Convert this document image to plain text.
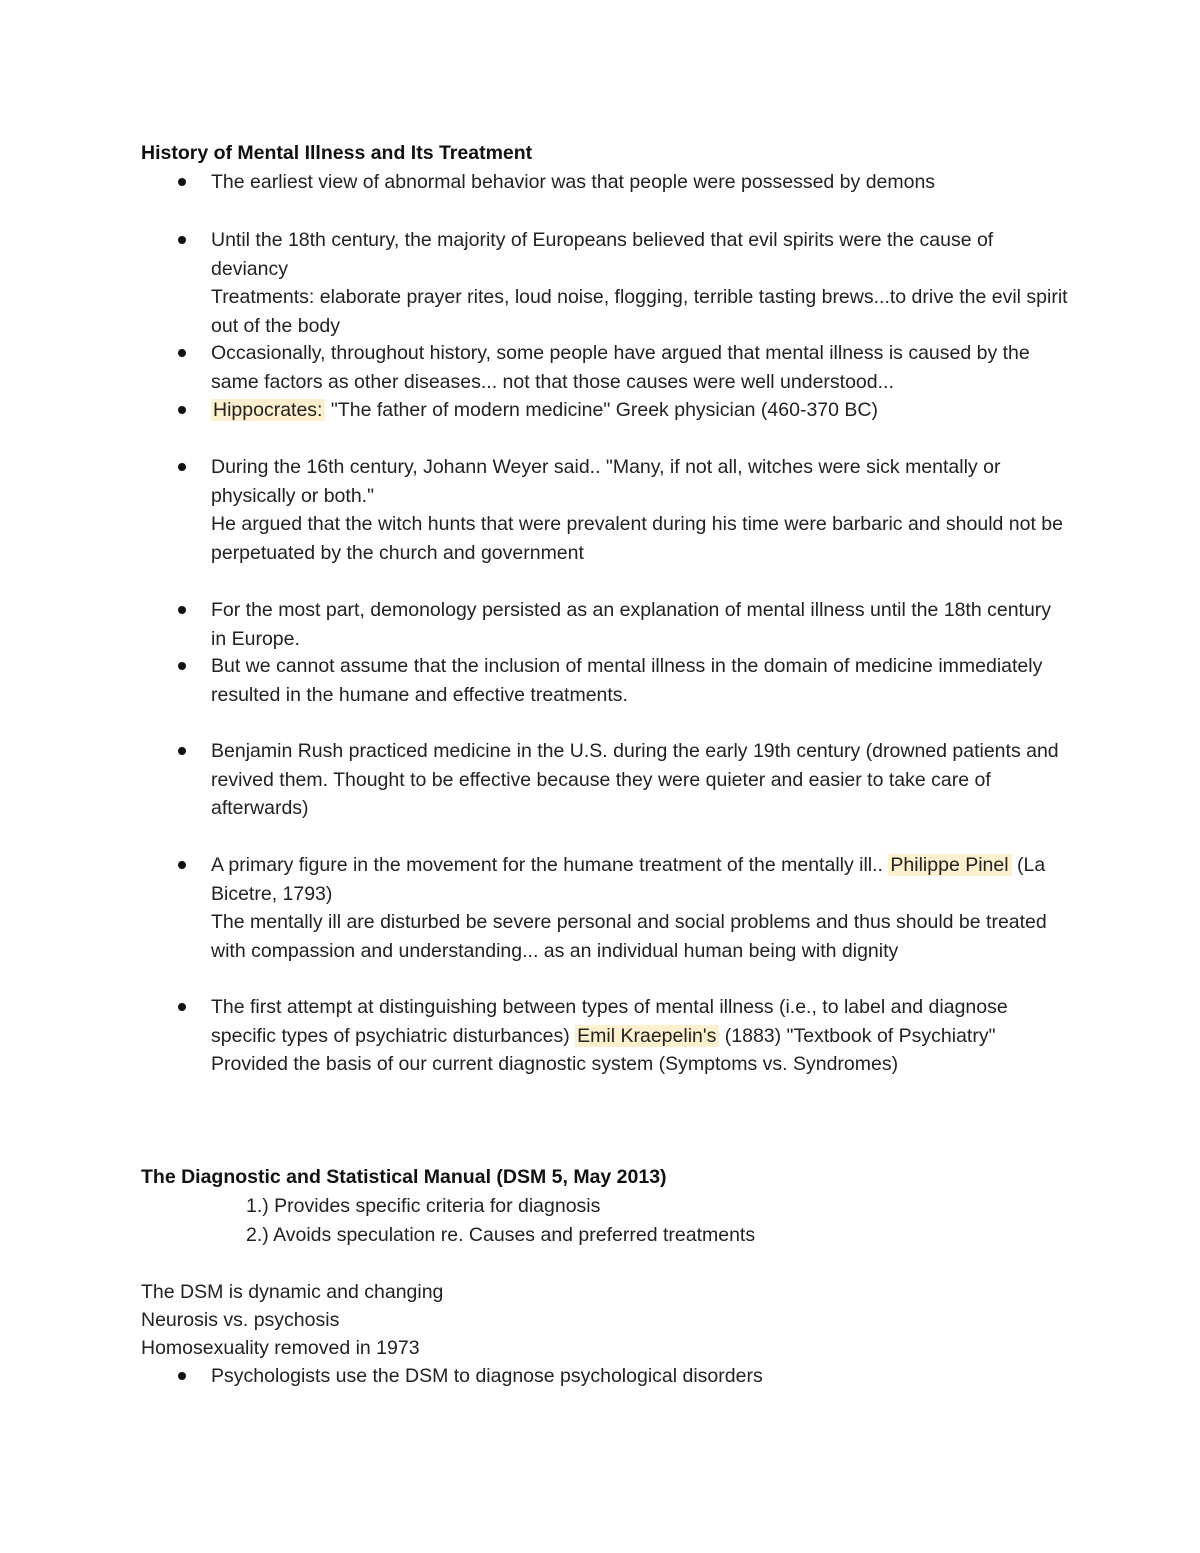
History of Mental Illness and Its Treatment
The earliest view of abnormal behavior was that people were possessed by demons
Until the 18th century, the majority of Europeans believed that evil spirits were the cause of deviancy
Treatments: elaborate prayer rites, loud noise, flogging, terrible tasting brews...to drive the evil spirit out of the body
Occasionally, throughout history, some people have argued that mental illness is caused by the same factors as other diseases... not that those causes were well understood...
Hippocrates: "The father of modern medicine" Greek physician (460-370 BC)
During the 16th century, Johann Weyer said.. "Many, if not all, witches were sick mentally or physically or both."
He argued that the witch hunts that were prevalent during his time were barbaric and should not be perpetuated by the church and government
For the most part, demonology persisted as an explanation of mental illness until the 18th century in Europe.
But we cannot assume that the inclusion of mental illness in the domain of medicine immediately resulted in the humane and effective treatments.
Benjamin Rush practiced medicine in the U.S. during the early 19th century (drowned patients and revived them. Thought to be effective because they were quieter and easier to take care of afterwards)
A primary figure in the movement for the humane treatment of the mentally ill.. Philippe Pinel (La Bicetre, 1793)
The mentally ill are disturbed be severe personal and social problems and thus should be treated with compassion and understanding... as an individual human being with dignity
The first attempt at distinguishing between types of mental illness (i.e., to label and diagnose specific types of psychiatric disturbances) Emil Kraepelin's (1883) "Textbook of Psychiatry"
Provided the basis of our current diagnostic system (Symptoms vs. Syndromes)
The Diagnostic and Statistical Manual (DSM 5, May 2013)
1.) Provides specific criteria for diagnosis
2.) Avoids speculation re. Causes and preferred treatments
The DSM is dynamic and changing
Neurosis vs. psychosis
Homosexuality removed in 1973
Psychologists use the DSM to diagnose psychological disorders
